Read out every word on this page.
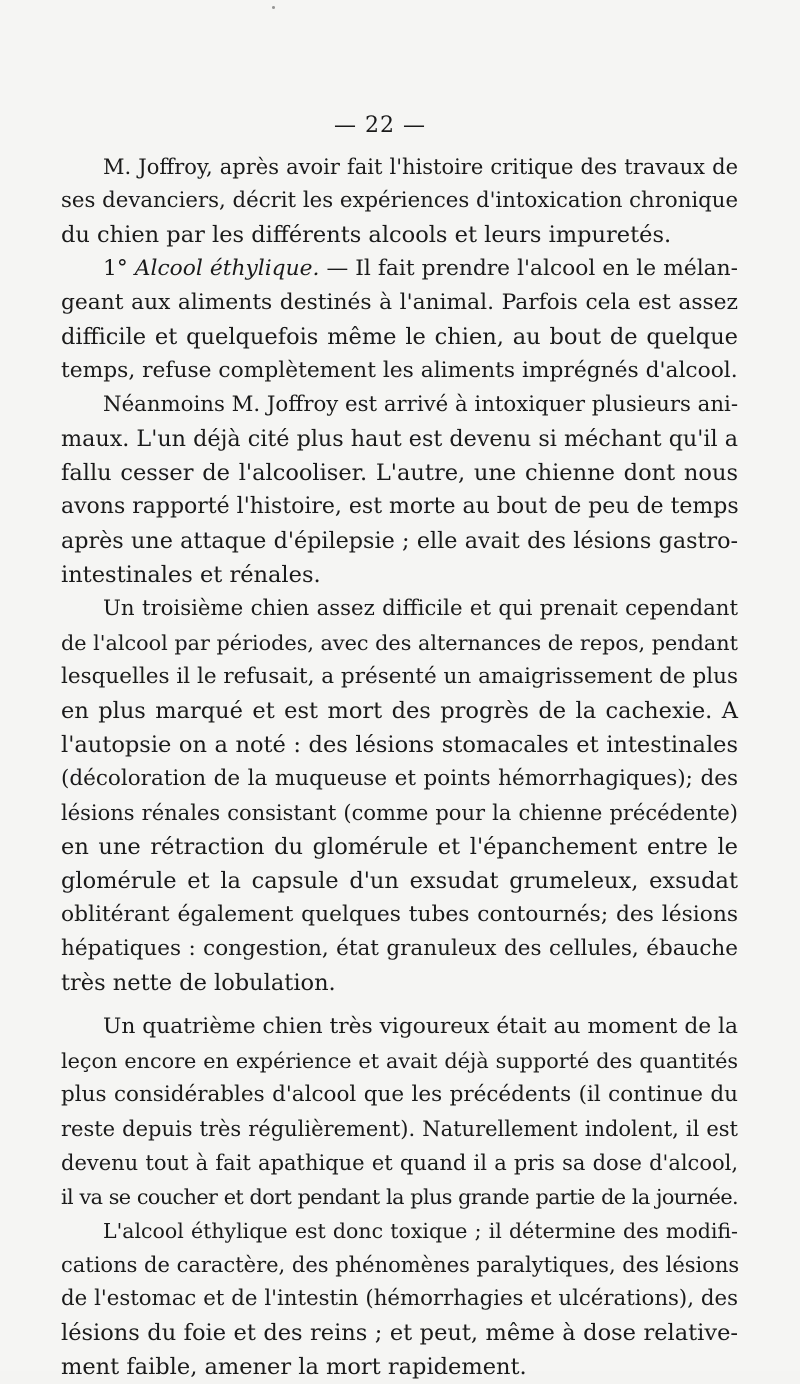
— 22 —
M. Joffroy, après avoir fait l'histoire critique des travaux de
ses devanciers, décrit les expériences d'intoxication chronique
du chien par les différents alcools et leurs impuretés.
1° Alcool éthylique. — Il fait prendre l'alcool en le mélan-
geant aux aliments destinés à l'animal. Parfois cela est assez
difficile et quelquefois même le chien, au bout de quelque
temps, refuse complètement les aliments imprégnés d'alcool.
Néanmoins M. Joffroy est arrivé à intoxiquer plusieurs ani-
maux. L'un déjà cité plus haut est devenu si méchant qu'il a
fallu cesser de l'alcooliser. L'autre, une chienne dont nous
avons rapporté l'histoire, est morte au bout de peu de temps
après une attaque d'épilepsie ; elle avait des lésions gastro-
intestinales et rénales.
Un troisième chien assez difficile et qui prenait cependant
de l'alcool par périodes, avec des alternances de repos, pendant
lesquelles il le refusait, a présenté un amaigrissement de plus
en plus marqué et est mort des progrès de la cachexie. A
l'autopsie on a noté : des lésions stomacales et intestinales
(décoloration de la muqueuse et points hémorrhagiques); des
lésions rénales consistant (comme pour la chienne précédente)
en une rétraction du glomérule et l'épanchement entre le
glomérule et la capsule d'un exsudat grumeleux, exsudat
oblitérant également quelques tubes contournés; des lésions
hépatiques : congestion, état granuleux des cellules, ébauche
très nette de lobulation.
Un quatrième chien très vigoureux était au moment de la
leçon encore en expérience et avait déjà supporté des quantités
plus considérables d'alcool que les précédents (il continue du
reste depuis très régulièrement). Naturellement indolent, il est
devenu tout à fait apathique et quand il a pris sa dose d'alcool,
il va se coucher et dort pendant la plus grande partie de la journée.
L'alcool éthylique est donc toxique ; il détermine des modifi-
cations de caractère, des phénomènes paralytiques, des lésions
de l'estomac et de l'intestin (hémorrhagies et ulcérations), des
lésions du foie et des reins ; et peut, même à dose relative-
ment faible, amener la mort rapidement.
